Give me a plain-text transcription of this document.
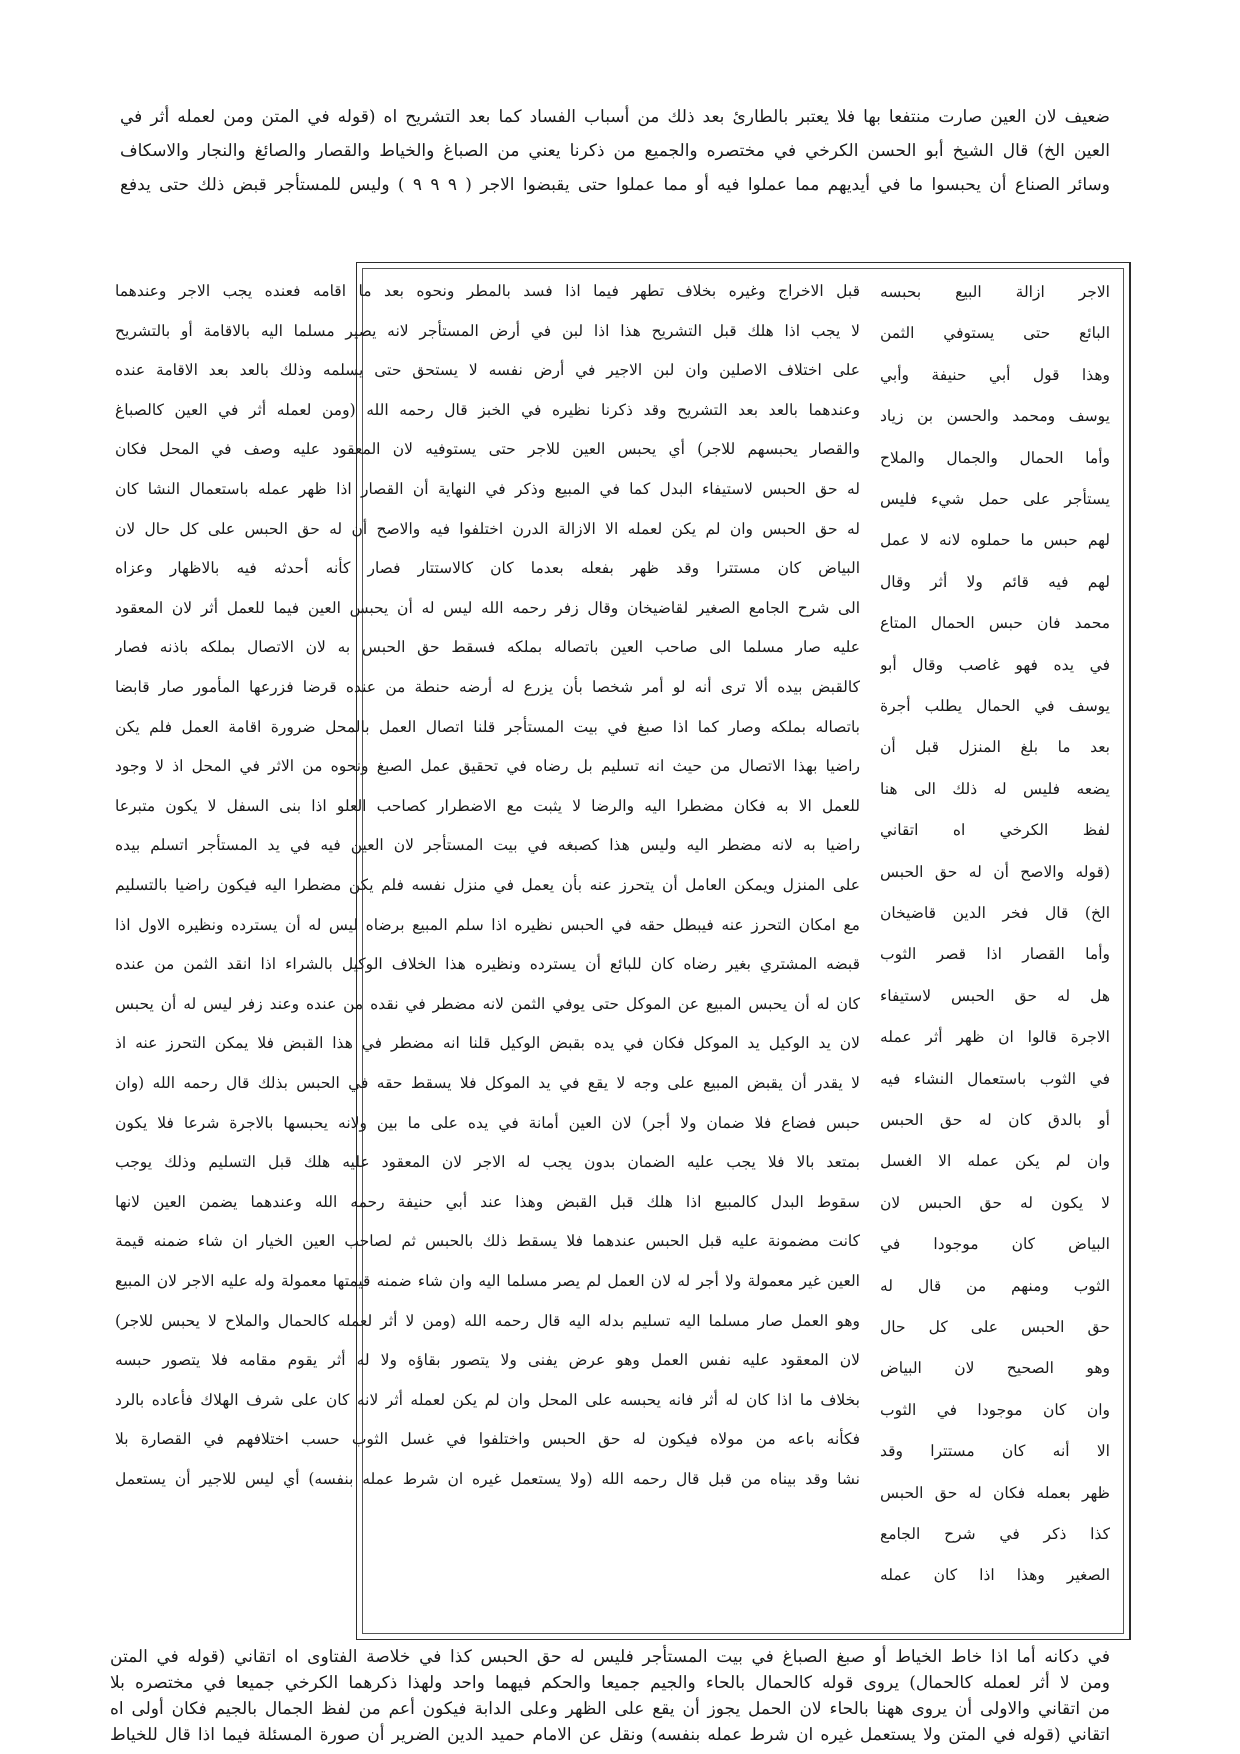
ضعيف لان العين صارت منتفعا بها فلا يعتبر بالطارئ بعد ذلك من أسباب الفساد كما بعد التشريح اه (قوله في المتن ومن لعمله أثر في
العين الخ) قال الشيخ أبو الحسن الكرخي في مختصره والجميع من ذكرنا يعني من الصباغ والخياط والقصار والصائغ والنجار والاسكاف
وسائر الصناع أن يحبسوا ما في أيديهم مما عملوا فيه أو مما عملوا حتى يقبضوا الاجر ( ٩ ٩ ٩ ) وليس للمستأجر قبض ذلك حتى يدفع
قبل الاخراج وغيره بخلاف تطهر فيما اذا فسد بالمطر ونحوه بعد ما اقامه فعنده يجب الاجر وعندهما
لا يجب اذا هلك قبل التشريح هذا اذا لبن في أرض المستأجر لانه يصير مسلما اليه بالاقامة أو بالتشريح
على اختلاف الاصلين وان لبن الاجير في أرض نفسه لا يستحق حتى يسلمه وذلك بالعد بعد الاقامة عنده
وعندهما بالعد بعد التشريح وقد ذكرنا نظيره في الخبز قال رحمه الله (ومن لعمله أثر في العين كالصباغ
والقصار يحبسهم للاجر) أي يحبس العين للاجر حتى يستوفيه لان المعقود عليه وصف في المحل فكان
له حق الحبس لاستيفاء البدل كما في المبيع وذكر في النهاية أن القصار اذا ظهر عمله باستعمال النشا كان
له حق الحبس وان لم يكن لعمله الا الازالة الدرن اختلفوا فيه والاصح أن له حق الحبس على كل حال لان
البياض كان مستترا وقد ظهر بفعله بعدما كان كالاستتار فصار كأنه أحدثه فيه بالاظهار وعزاه
الى شرح الجامع الصغير لقاضيخان وقال زفر رحمه الله ليس له أن يحبس العين فيما للعمل أثر لان المعقود
عليه صار مسلما الى صاحب العين باتصاله بملكه فسقط حق الحبس به لان الاتصال بملكه باذنه فصار
كالقبض بيده ألا ترى أنه لو أمر شخصا بأن يزرع له أرضه حنطة من عنده قرضا فزرعها المأمور صار قابضا
باتصاله بملكه وصار كما اذا صبغ في بيت المستأجر قلنا اتصال العمل بالمحل ضرورة اقامة العمل فلم يكن
راضيا بهذا الاتصال من حيث انه تسليم بل رضاه في تحقيق عمل الصبغ ونحوه من الاثر في المحل اذ لا وجود
للعمل الا به فكان مضطرا اليه والرضا لا يثبت مع الاضطرار كصاحب العلو اذا بنى السفل لا يكون متبرعا
راضيا به لانه مضطر اليه وليس هذا كصبغه في بيت المستأجر لان العين فيه في يد المستأجر اتسلم بيده
على المنزل ويمكن العامل أن يتحرز عنه بأن يعمل في منزل نفسه فلم يكن مضطرا اليه فيكون راضيا بالتسليم
مع امكان التحرز عنه فيبطل حقه في الحبس نظيره اذا سلم المبيع برضاه ليس له أن يسترده ونظيره الاول اذا
قبضه المشتري بغير رضاه كان للبائع أن يسترده ونظيره هذا الخلاف الوكيل بالشراء اذا انقد الثمن من عنده
كان له أن يحبس المبيع عن الموكل حتى يوفي الثمن لانه مضطر في نقده من عنده وعند زفر ليس له أن يحبس
لان يد الوكيل يد الموكل فكان في يده بقبض الوكيل قلنا انه مضطر في هذا القبض فلا يمكن التحرز عنه اذ
لا يقدر أن يقبض المبيع على وجه لا يقع في يد الموكل فلا يسقط حقه في الحبس بذلك قال رحمه الله (وان
حبس فضاع فلا ضمان ولا أجر) لان العين أمانة في يده على ما بين ولانه يحبسها بالاجرة شرعا فلا يكون
بمتعد بالا فلا يجب عليه الضمان بدون يجب له الاجر لان المعقود عليه هلك قبل التسليم وذلك يوجب
سقوط البدل كالمبيع اذا هلك قبل القبض وهذا عند أبي حنيفة رحمه الله وعندهما يضمن العين لانها
كانت مضمونة عليه قبل الحبس عندهما فلا يسقط ذلك بالحبس ثم لصاحب العين الخيار ان شاء ضمنه قيمة
العين غير معمولة ولا أجر له لان العمل لم يصر مسلما اليه وان شاء ضمنه قيمتها معمولة وله عليه الاجر لان المبيع
وهو العمل صار مسلما اليه تسليم بدله اليه قال رحمه الله (ومن لا أثر لعمله كالحمال والملاح لا يحبس للاجر)
لان المعقود عليه نفس العمل وهو عرض يفنى ولا يتصور بقاؤه ولا له أثر يقوم مقامه فلا يتصور حبسه
بخلاف ما اذا كان له أثر فانه يحبسه على المحل وان لم يكن لعمله أثر لانه كان على شرف الهلاك فأعاده بالرد
فكأنه باعه من مولاه فيكون له حق الحبس واختلفوا في غسل الثوب حسب اختلافهم في القصارة بلا
نشا وقد بيناه من قبل قال رحمه الله (ولا يستعمل غيره ان شرط عمله بنفسه) أي ليس للاجير أن يستعمل
الاجر ازالة البيع بحبسه
البائع حتى يستوفي الثمن
وهذا قول أبي حنيفة وأبي
يوسف ومحمد والحسن بن زياد
وأما الحمال والجمال والملاح
يستأجر على حمل شيء فليس
لهم حبس ما حملوه لانه لا عمل
لهم فيه قائم ولا أثر وقال
محمد فان حبس الحمال المتاع
في يده فهو غاصب وقال أبو
يوسف في الحمال يطلب أجرة
بعد ما بلغ المنزل قبل أن
يضعه فليس له ذلك الى هنا
لفظ الكرخي اه اتقاني
(قوله والاصح أن له حق الحبس
الخ) قال فخر الدين قاضيخان
وأما القصار اذا قصر الثوب
هل له حق الحبس لاستيفاء
الاجرة قالوا ان ظهر أثر عمله
في الثوب باستعمال النشاء فيه
أو بالدق كان له حق الحبس
وان لم يكن عمله الا الغسل
لا يكون له حق الحبس لان
البياض كان موجودا في
الثوب ومنهم من قال له
حق الحبس على كل حال
وهو الصحيح لان البياض
وان كان موجودا في الثوب
الا أنه كان مستترا وقد
ظهر بعمله فكان له حق الحبس
كذا ذكر في شرح الجامع
الصغير وهذا اذا كان عمله
في دكانه أما اذا خاط الخياط أو صبغ الصباغ في بيت المستأجر فليس له حق الحبس كذا في خلاصة الفتاوى اه اتقاني (قوله في المتن
ومن لا أثر لعمله كالحمال) يروى قوله كالحمال بالحاء والجيم جميعا والحكم فيهما واحد ولهذا ذكرهما الكرخي جميعا في مختصره بلا
من اتقاني والاولى أن يروى ههنا بالحاء لان الحمل يجوز أن يقع على الظهر وعلى الدابة فيكون أعم من لفظ الجمال بالجيم فكان أولى اه
اتقاني (قوله في المتن ولا يستعمل غيره ان شرط عمله بنفسه) ونقل عن الامام حميد الدين الضرير أن صورة المسئلة فيما اذا قال للخياط
